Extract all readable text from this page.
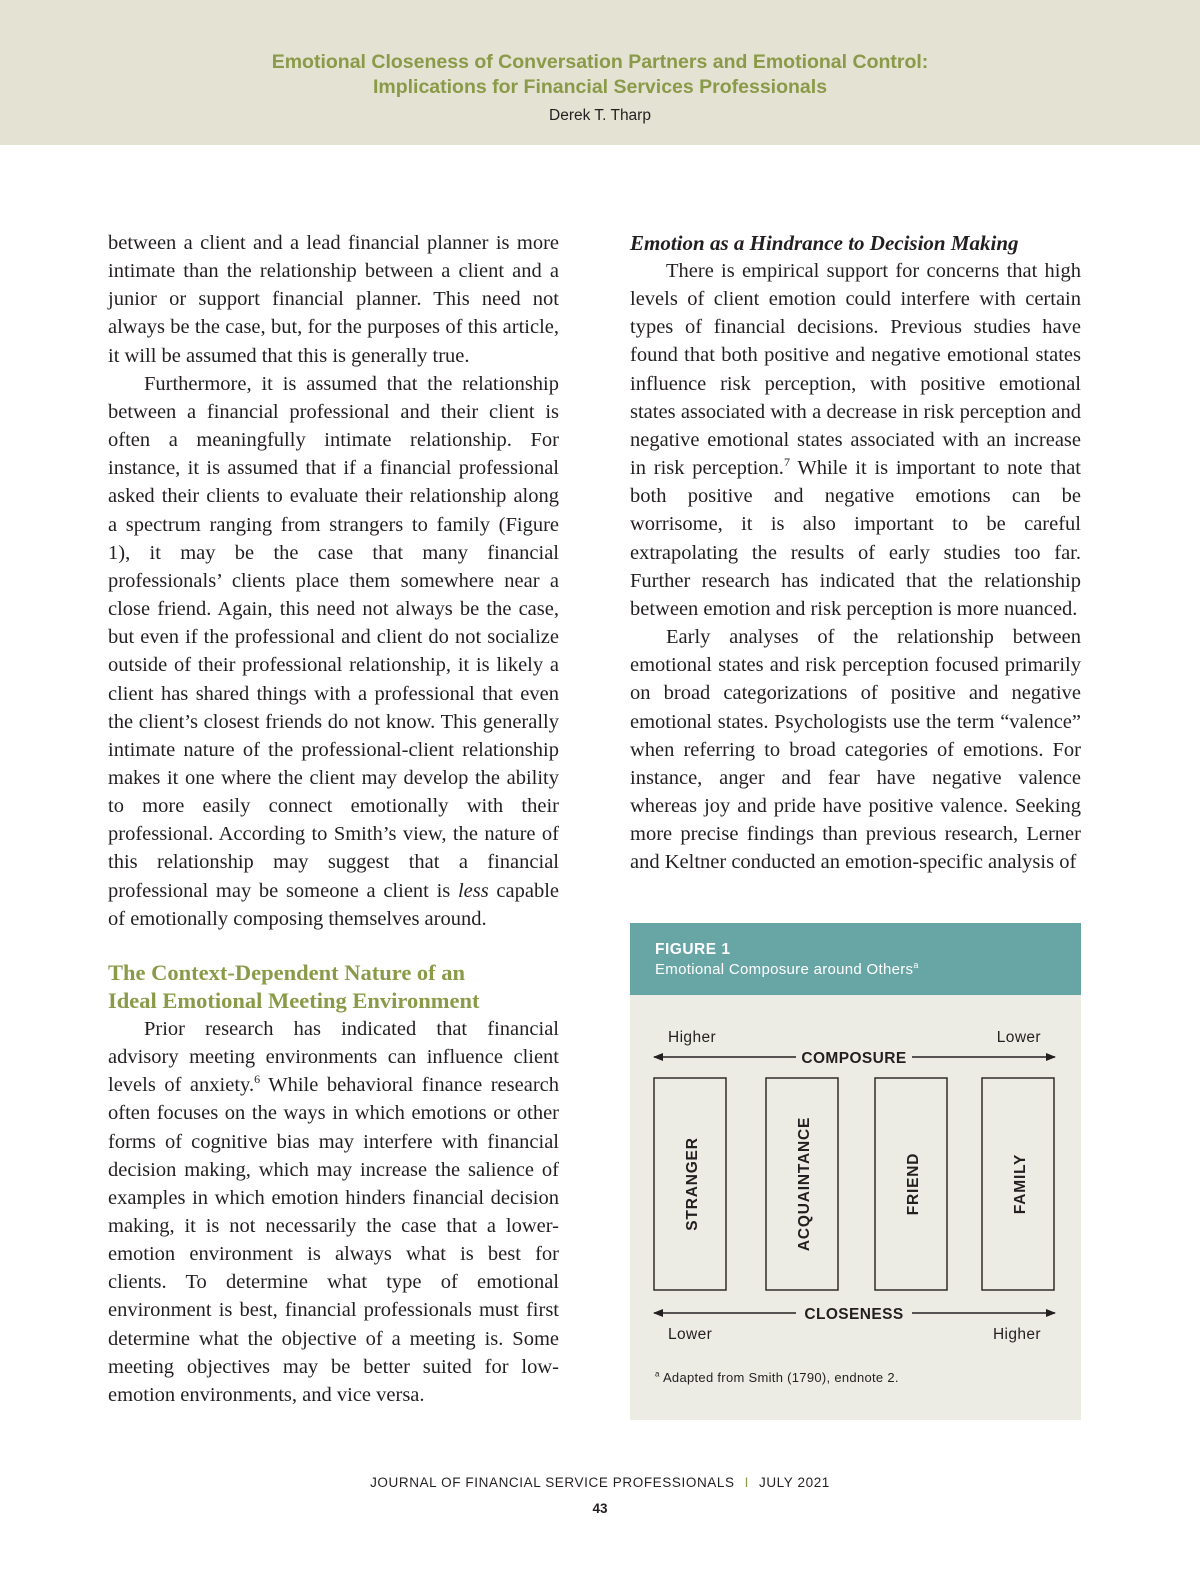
Emotional Closeness of Conversation Partners and Emotional Control:
Implications for Financial Services Professionals
Derek T. Tharp

between a client and a lead financial planner is more intimate than the relationship between a client and a junior or support financial planner. This need not always be the case, but, for the purposes of this article, it will be assumed that this is generally true.

Furthermore, it is assumed that the relationship between a financial professional and their client is often a meaningfully intimate relationship. For instance, it is assumed that if a financial professional asked their clients to evaluate their relationship along a spectrum ranging from strangers to family (Figure 1), it may be the case that many financial professionals’ clients place them somewhere near a close friend. Again, this need not always be the case, but even if the professional and client do not socialize outside of their professional relationship, it is likely a client has shared things with a professional that even the client’s closest friends do not know. This generally intimate nature of the professional-client relationship makes it one where the client may develop the ability to more easily connect emotionally with their professional. According to Smith’s view, the nature of this relationship may suggest that a financial professional may be someone a client is less capable of emotionally composing themselves around.

The Context-Dependent Nature of an
Ideal Emotional Meeting Environment

Prior research has indicated that financial advisory meeting environments can influence client levels of anxiety.$^6$ While behavioral finance research often focuses on the ways in which emotions or other forms of cognitive bias may interfere with financial decision making, which may increase the salience of examples in which emotion hinders financial decision making, it is not necessarily the case that a lower-emotion environment is always what is best for clients. To determine what type of emotional environment is best, financial professionals must first determine what the objective of a meeting is. Some meeting objectives may be better suited for low-emotion environments, and vice versa.

Emotion as a Hindrance to Decision Making

There is empirical support for concerns that high levels of client emotion could interfere with certain types of financial decisions. Previous studies have found that both positive and negative emotional states influence risk perception, with positive emotional states associated with a decrease in risk perception and negative emotional states associated with an increase in risk perception.$^7$ While it is important to note that both positive and negative emotions can be worrisome, it is also important to be careful extrapolating the results of early studies too far. Further research has indicated that the relationship between emotion and risk perception is more nuanced.

Early analyses of the relationship between emotional states and risk perception focused primarily on broad categorizations of positive and negative emotional states. Psychologists use the term “valence” when referring to broad categories of emotions. For instance, anger and fear have negative valence whereas joy and pride have positive valence. Seeking more precise findings than previous research, Lerner and Keltner conducted an emotion-specific analysis of

FIGURE 1
Emotional Composure around Others$^a$
Higher	Lower
COMPOSURE
STRANGER	ACQUAINTANCE	FRIEND	FAMILY
CLOSENESS
Lower	Higher
$^a$ Adapted from Smith (1790), endnote 2.
JOURNAL OF FINANCIAL SERVICE PROFESSIONALS I JULY 2021
43
